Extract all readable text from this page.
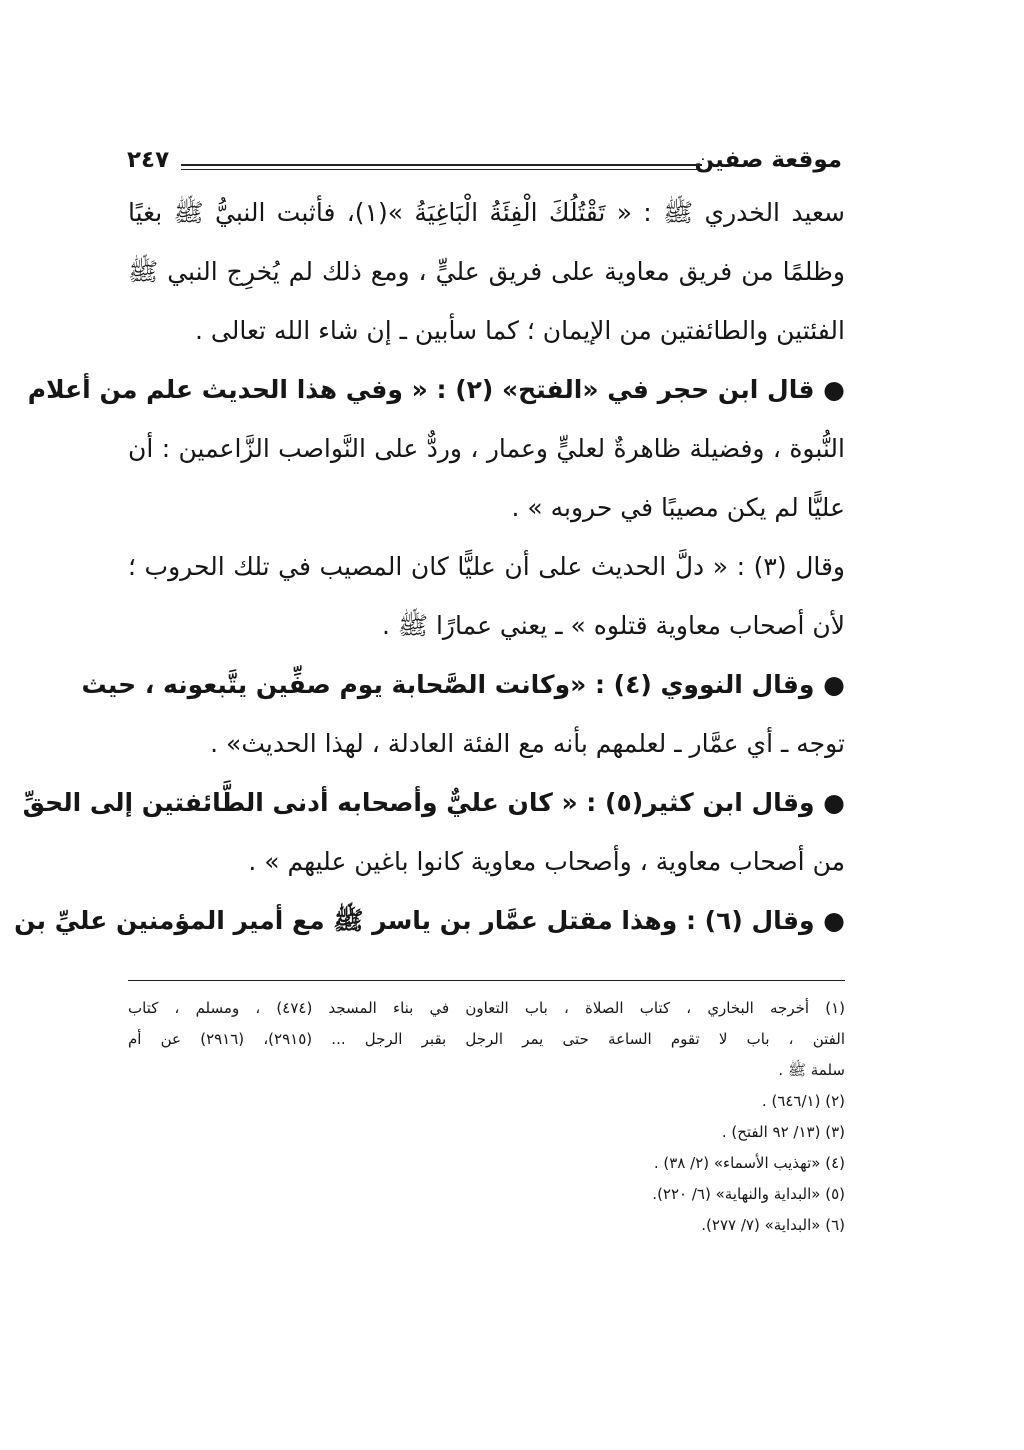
موقعة صفين
٢٤٧
سعيد الخدري ﷺ : « تَقْتُلُكَ الْفِئَةُ الْبَاغِيَةُ »(١)، فأثبت النبيُّ ﷺ بغيًا
وظلمًا من فريق معاوية على فريق عليٍّ ، ومع ذلك لم يُخرِج النبي ﷺ
الفئتين والطائفتين من الإيمان ؛ كما سأبين ـ إن شاء الله تعالى .
● قال ابن حجر في «الفتح» (٢) : « وفي هذا الحديث علم من أعلام
النُّبوة ، وفضيلة ظاهرةٌ لعليٍّ وعمار ، وردٌّ على النَّواصب الزَّاعمين : أن
عليًّا لم يكن مصيبًا في حروبه » .
وقال (٣) : « دلَّ الحديث على أن عليًّا كان المصيب في تلك الحروب ؛
لأن أصحاب معاوية قتلوه » ـ يعني عمارًا ﷺ .
● وقال النووي (٤) : «وكانت الصَّحابة يوم صفِّين يتَّبعونه ، حيث
توجه ـ أي عمَّار ـ لعلمهم بأنه مع الفئة العادلة ، لهذا الحديث» .
● وقال ابن كثير(٥) : « كان عليٌّ وأصحابه أدنى الطَّائفتين إلى الحقِّ
من أصحاب معاوية ، وأصحاب معاوية كانوا باغين عليهم » .
● وقال (٦) : وهذا مقتل عمَّار بن ياسر ﷺ مع أمير المؤمنين عليِّ بن
(١) أخرجه البخاري ، كتاب الصلاة ، باب التعاون في بناء المسجد (٤٧٤) ، ومسلم ، كتاب
الفتن ، باب لا تقوم الساعة حتى يمر الرجل بقبر الرجل ... (٢٩١٥)، (٢٩١٦) عن أم
سلمة ﷺ .
(٢) (٦٤٦/١) .
(٣) (١٣/ ٩٢ الفتح) .
(٤) «تهذيب الأسماء» (٢/ ٣٨) .
(٥) «البداية والنهاية» (٦/ ٢٢٠).
(٦) «البداية» (٧/ ٢٧٧).
